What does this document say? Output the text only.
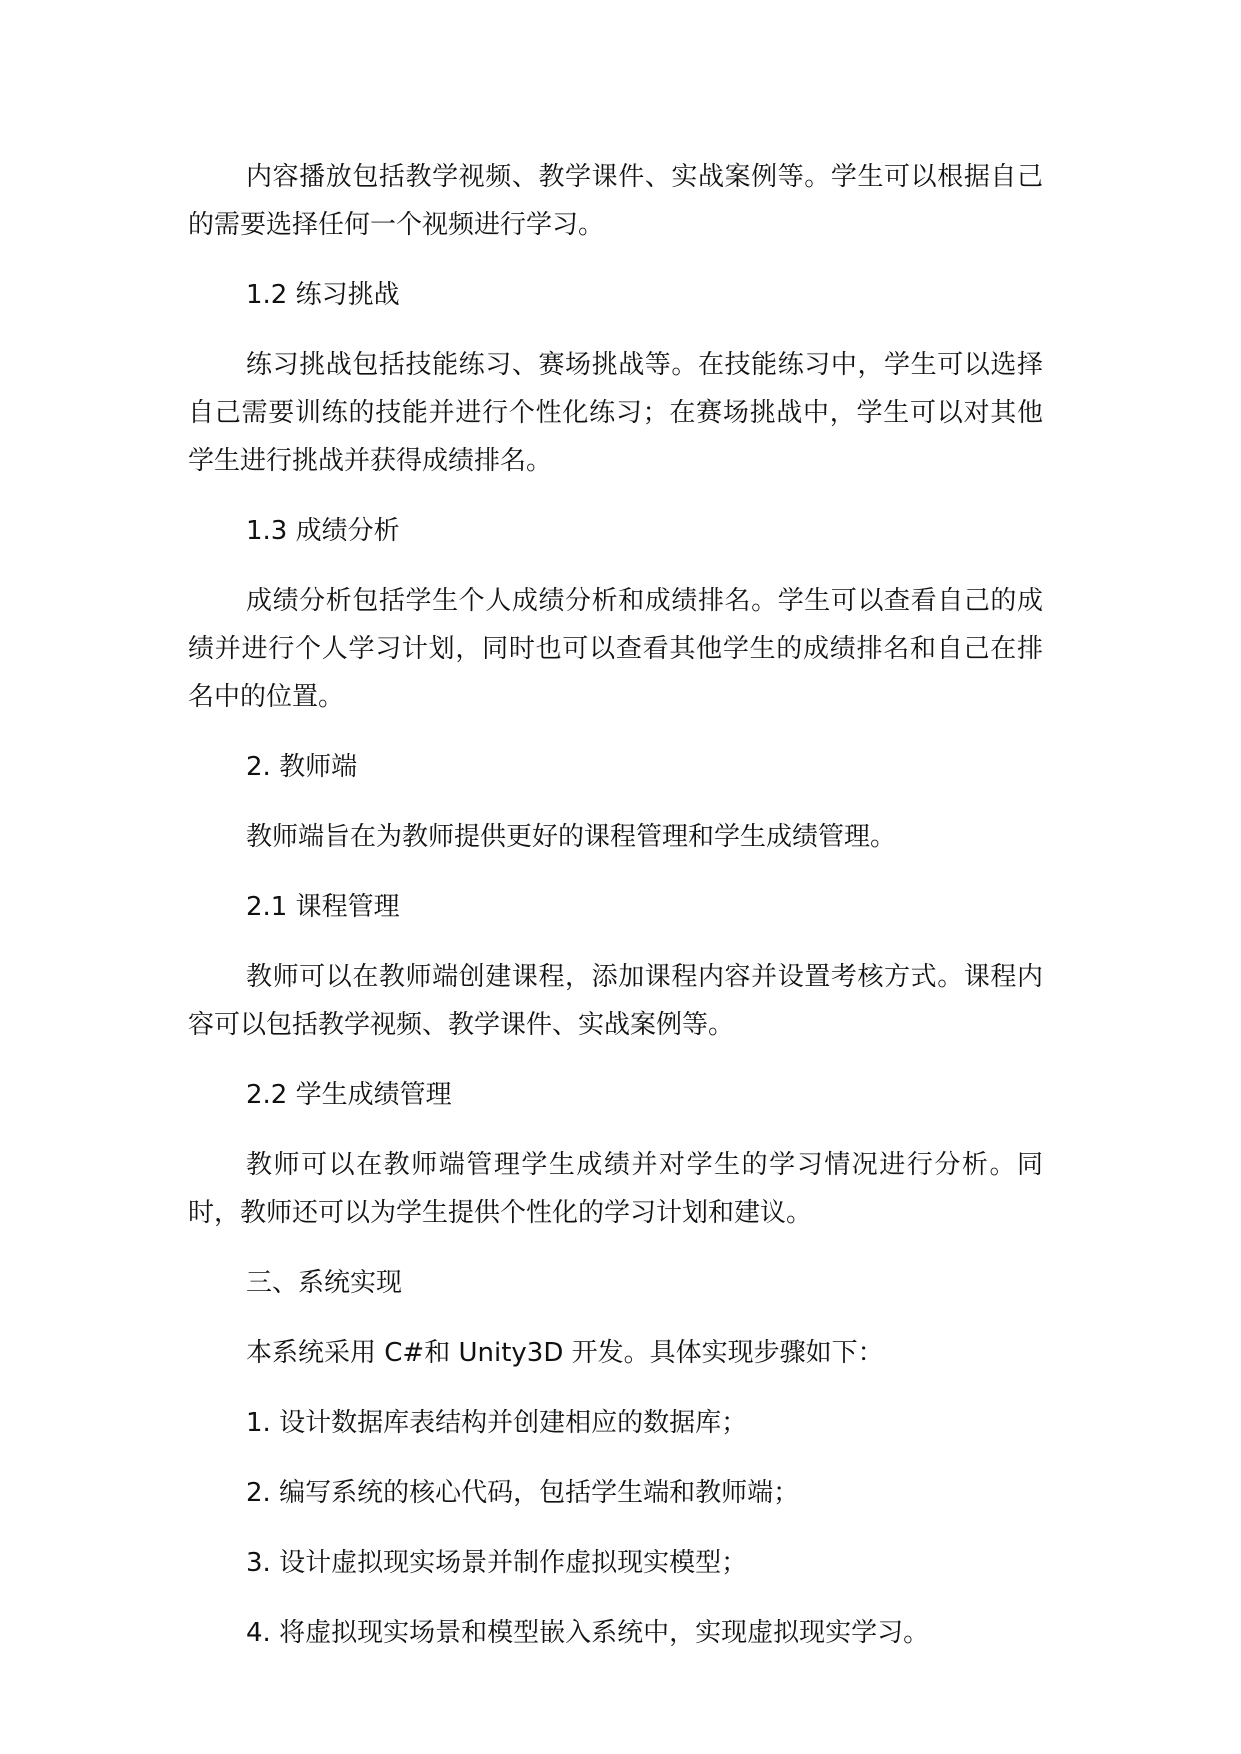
内容播放包括教学视频、教学课件、实战案例等。学生可以根据自己的需要选择任何一个视频进行学习。

1.2 练习挑战

练习挑战包括技能练习、赛场挑战等。在技能练习中，学生可以选择自己需要训练的技能并进行个性化练习；在赛场挑战中，学生可以对其他学生进行挑战并获得成绩排名。

1.3 成绩分析

成绩分析包括学生个人成绩分析和成绩排名。学生可以查看自己的成绩并进行个人学习计划，同时也可以查看其他学生的成绩排名和自己在排名中的位置。

2. 教师端

教师端旨在为教师提供更好的课程管理和学生成绩管理。

2.1 课程管理

教师可以在教师端创建课程，添加课程内容并设置考核方式。课程内容可以包括教学视频、教学课件、实战案例等。

2.2 学生成绩管理

教师可以在教师端管理学生成绩并对学生的学习情况进行分析。同时，教师还可以为学生提供个性化的学习计划和建议。

三、系统实现

本系统采用 C#和 Unity3D 开发。具体实现步骤如下：

1. 设计数据库表结构并创建相应的数据库；

2. 编写系统的核心代码，包括学生端和教师端；

3. 设计虚拟现实场景并制作虚拟现实模型；

4. 将虚拟现实场景和模型嵌入系统中，实现虚拟现实学习。
